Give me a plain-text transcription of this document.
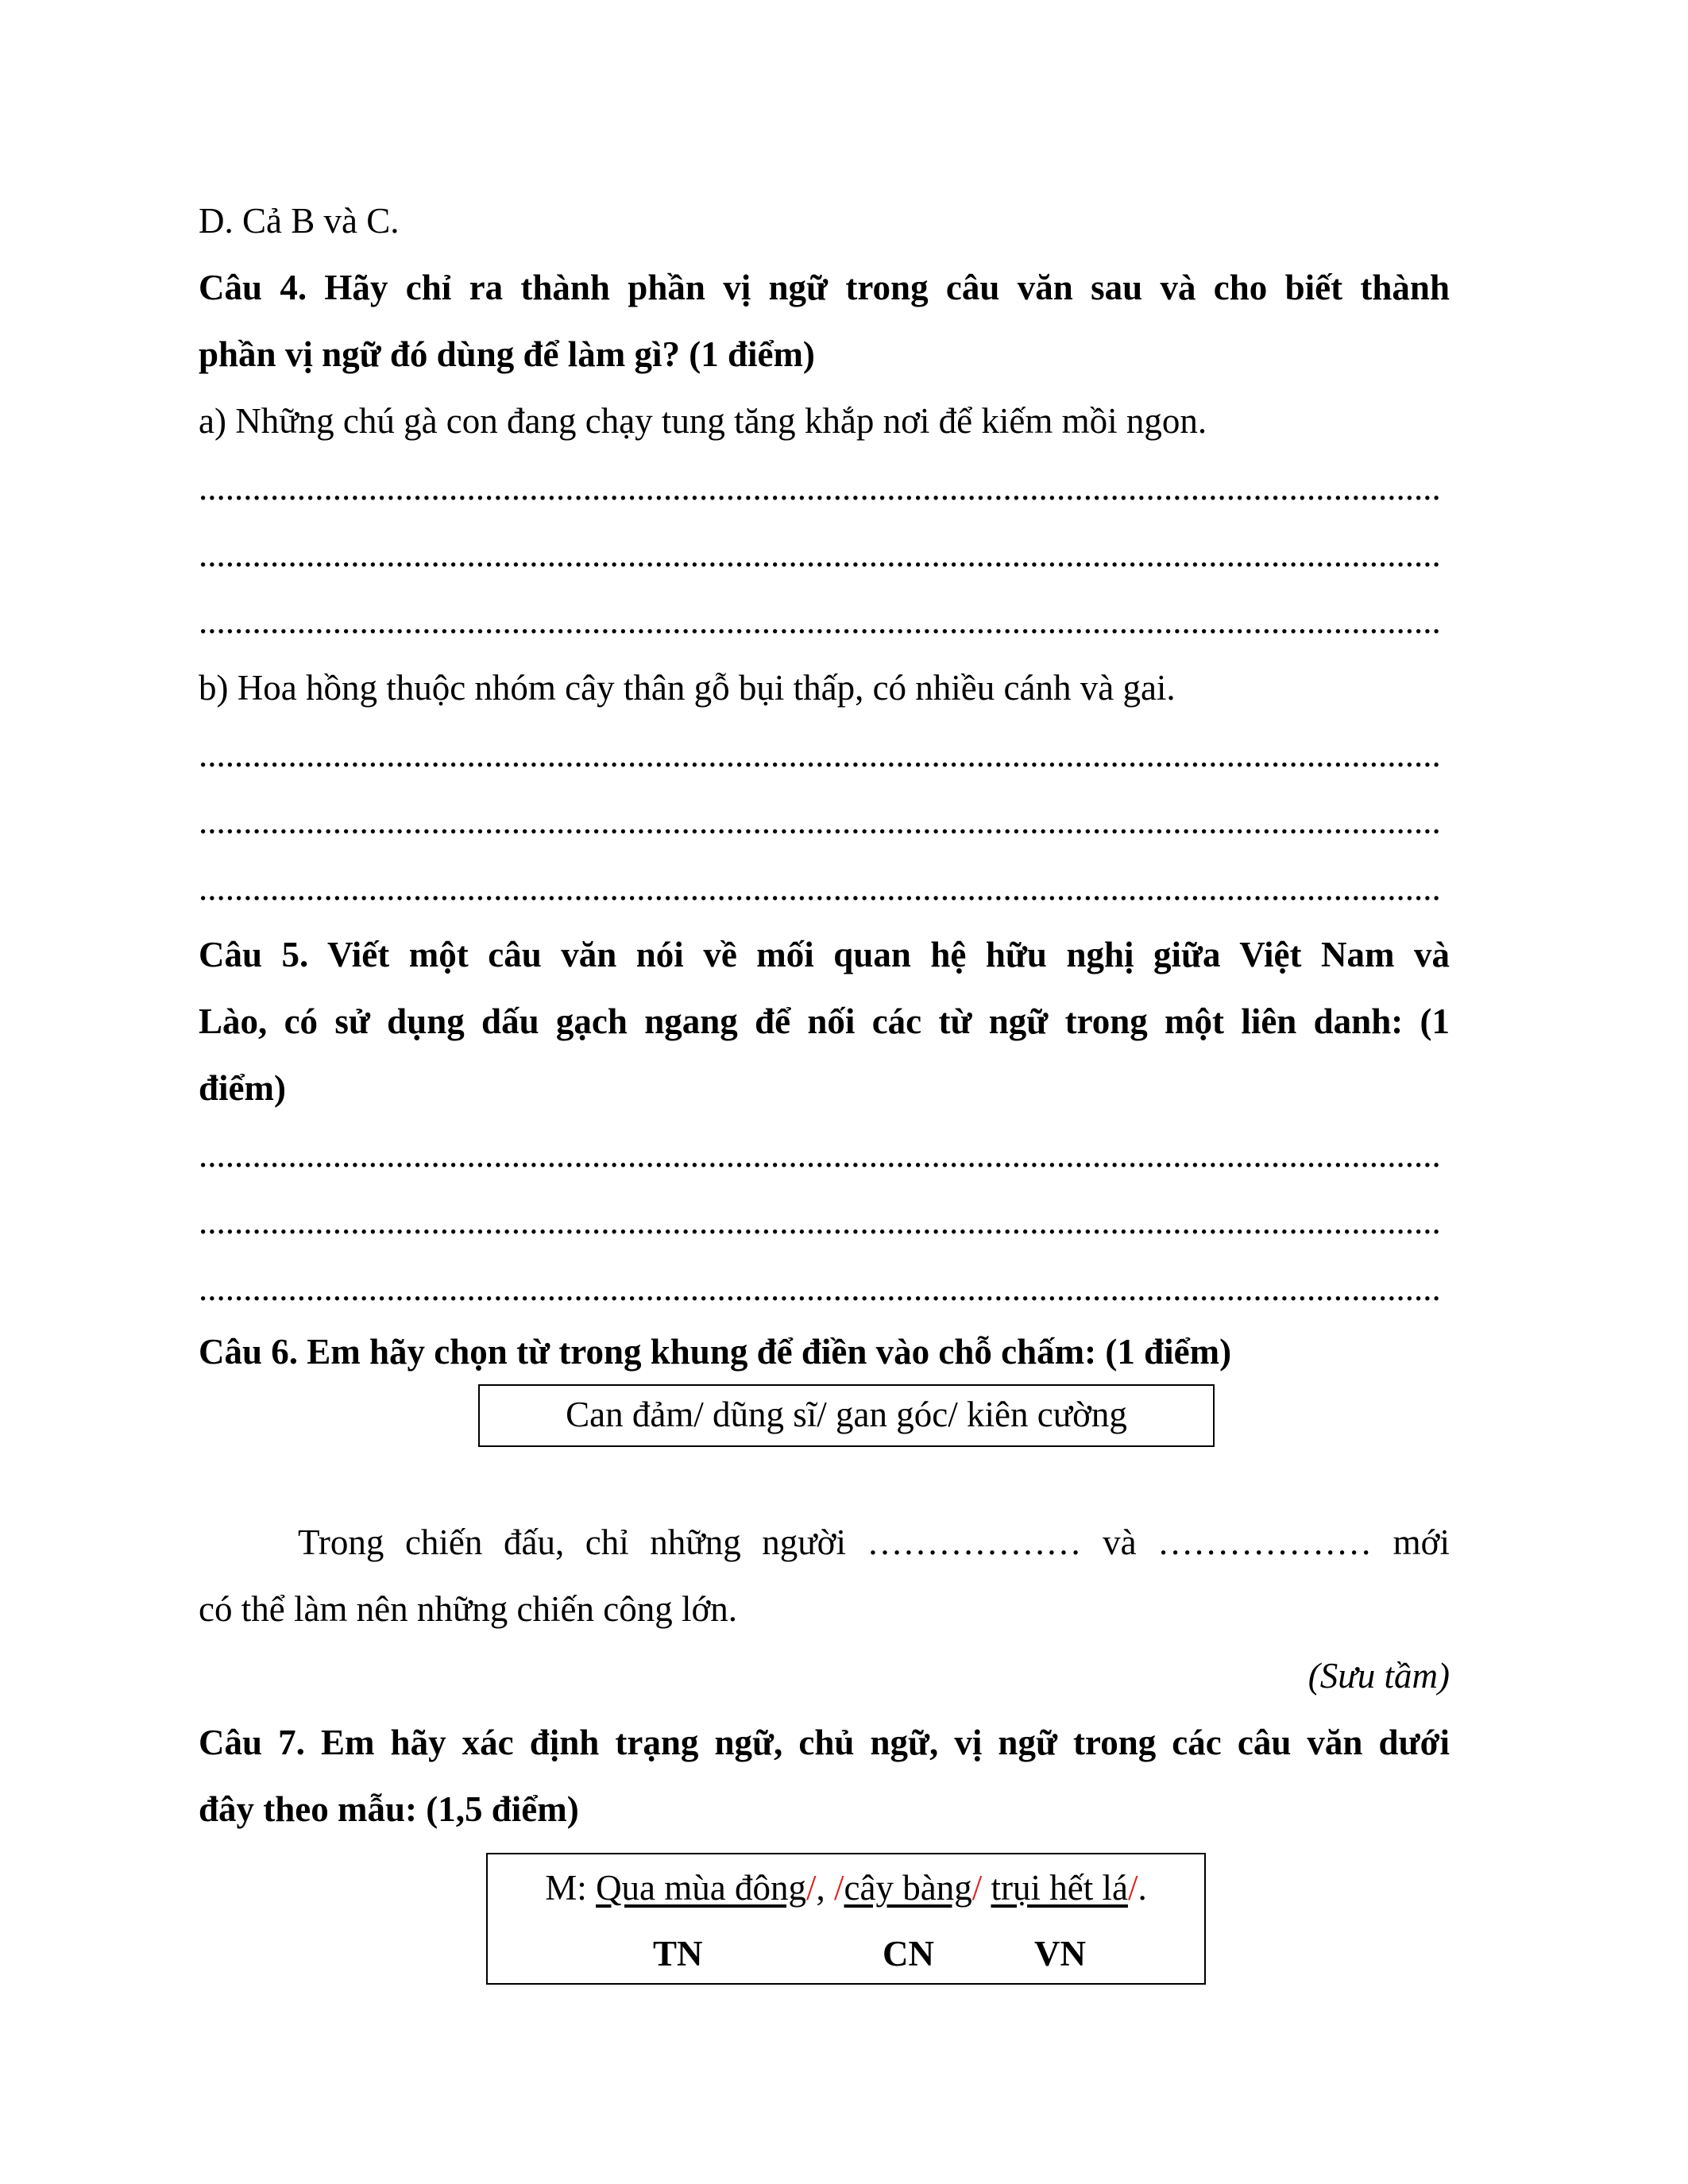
D. Cả B và C.
Câu 4. Hãy chỉ ra thành phần vị ngữ trong câu văn sau và cho biết thành
phần vị ngữ đó dùng để làm gì? (1 điểm)
a) Những chú gà con đang chạy tung tăng khắp nơi để kiếm mồi ngon.
...........................................................................................................................................
...........................................................................................................................................
...........................................................................................................................................
b) Hoa hồng thuộc nhóm cây thân gỗ bụi thấp, có nhiều cánh và gai.
...........................................................................................................................................
...........................................................................................................................................
...........................................................................................................................................
Câu 5. Viết một câu văn nói về mối quan hệ hữu nghị giữa Việt Nam và
Lào, có sử dụng dấu gạch ngang để nối các từ ngữ trong một liên danh: (1
điểm)
...........................................................................................................................................
...........................................................................................................................................
...........................................................................................................................................
Câu 6. Em hãy chọn từ trong khung để điền vào chỗ chấm: (1 điểm)
Can đảm/ dũng sĩ/ gan góc/ kiên cường
Trong chiến đấu, chỉ những người ……………… và ……………… mới
có thể làm nên những chiến công lớn.
(Sưu tầm)
Câu 7. Em hãy xác định trạng ngữ, chủ ngữ, vị ngữ trong các câu văn dưới
đây theo mẫu: (1,5 điểm)
M: Qua mùa đông/, /cây bàng/ trụi hết lá/.
TN	CN	VN
